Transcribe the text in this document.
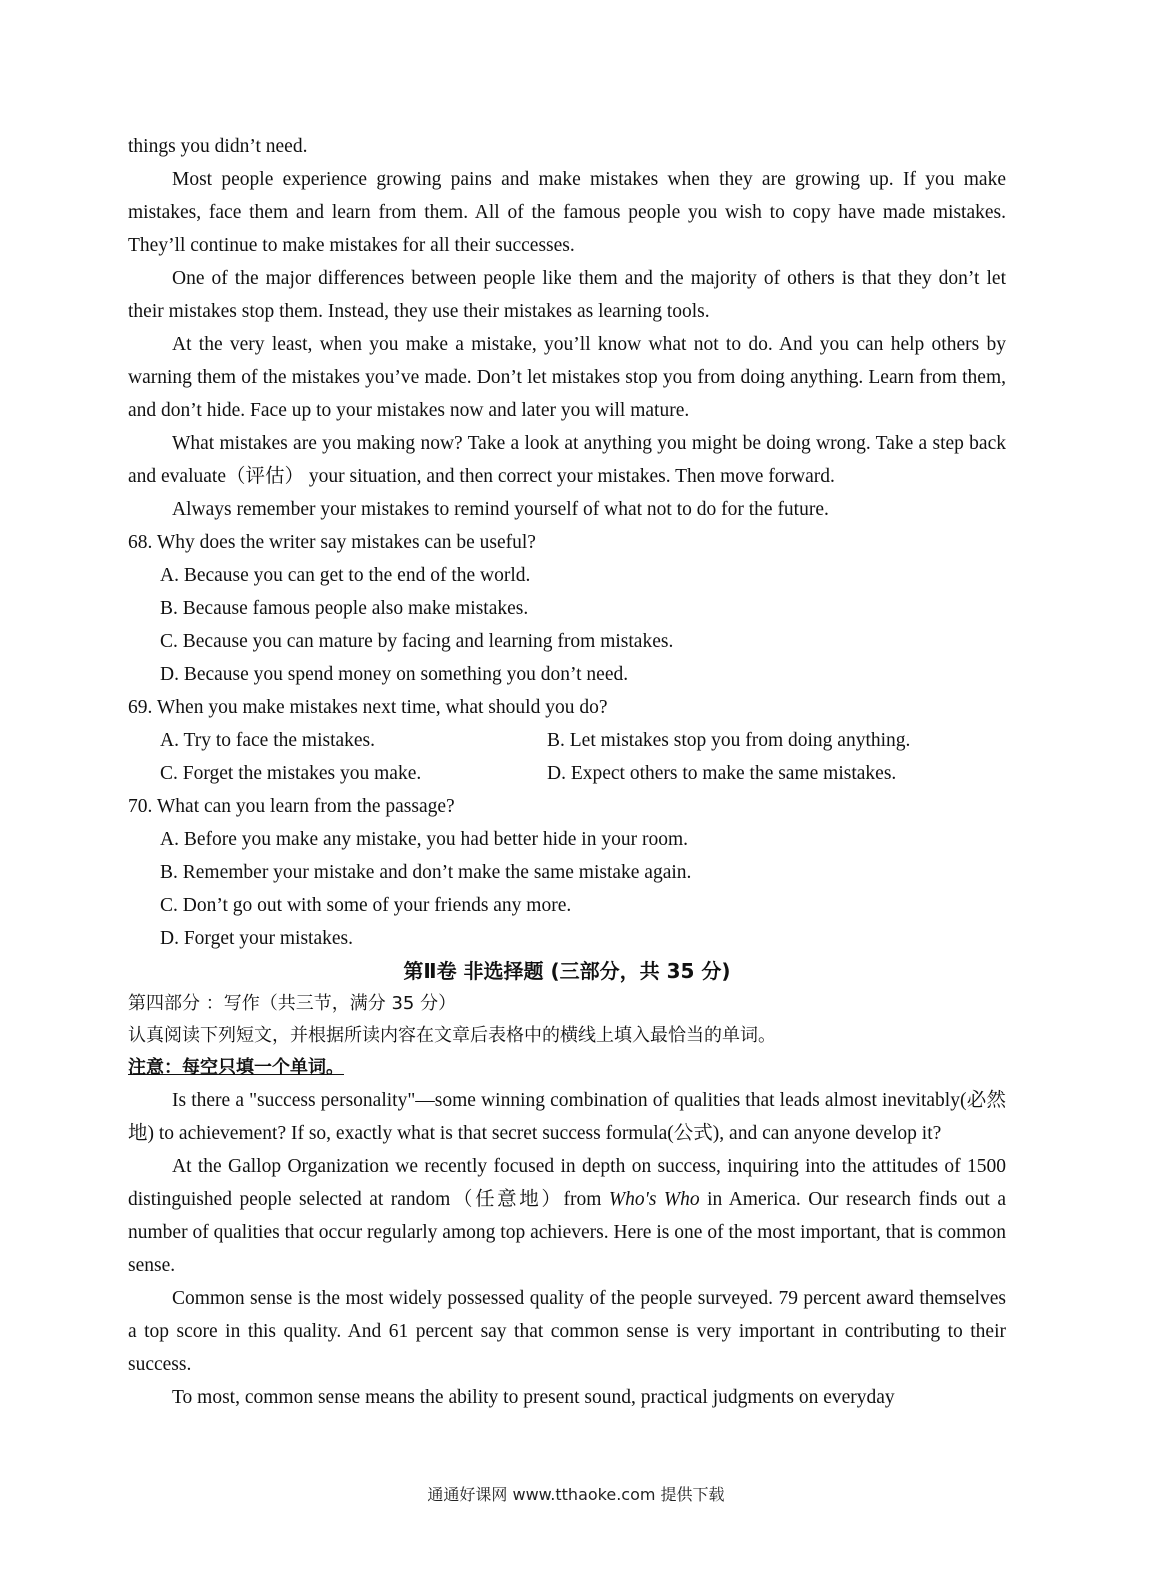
things you didn’t need.

Most people experience growing pains and make mistakes when they are growing up. If you make mistakes, face them and learn from them. All of the famous people you wish to copy have made mistakes. They’ll continue to make mistakes for all their successes.

One of the major differences between people like them and the majority of others is that they don’t let their mistakes stop them. Instead, they use their mistakes as learning tools.

At the very least, when you make a mistake, you’ll know what not to do. And you can help others by warning them of the mistakes you’ve made. Don’t let mistakes stop you from doing anything. Learn from them, and don’t hide. Face up to your mistakes now and later you will mature.

What mistakes are you making now? Take a look at anything you might be doing wrong. Take a step back and evaluate（评估） your situation, and then correct your mistakes. Then move forward.

Always remember your mistakes to remind yourself of what not to do for the future.

68. Why does the writer say mistakes can be useful?

A. Because you can get to the end of the world.

B. Because famous people also make mistakes.

C. Because you can mature by facing and learning from mistakes.

D. Because you spend money on something you don’t need.

69. When you make mistakes next time, what should you do?

A. Try to face the mistakes.	B. Let mistakes stop you from doing anything.

C. Forget the mistakes you make.	D. Expect others to make the same mistakes.

70. What can you learn from the passage?

A. Before you make any mistake, you had better hide in your room.

B. Remember your mistake and don’t make the same mistake again.

C. Don’t go out with some of your friends any more.

D. Forget your mistakes.

第Ⅱ卷 非选择题 (三部分，共 35 分)

第四部分 ：写作（共三节，满分 35 分）

认真阅读下列短文，并根据所读内容在文章后表格中的横线上填入最恰当的单词。

注意：每空只填一个单词。

Is there a "success personality"—some winning combination of qualities that leads almost inevitably(必然地) to achievement? If so, exactly what is that secret success formula(公式), and can anyone develop it?

At the Gallop Organization we recently focused in depth on success, inquiring into the attitudes of 1500 distinguished people selected at random（任意地）from Who's Who in America. Our research finds out a number of qualities that occur regularly among top achievers. Here is one of the most important, that is common sense.

Common sense is the most widely possessed quality of the people surveyed. 79 percent award themselves a top score in this quality. And 61 percent say that common sense is very important in contributing to their success.

To most, common sense means the ability to present sound, practical judgments on everyday

通通好课网 www.tthaoke.com 提供下载
